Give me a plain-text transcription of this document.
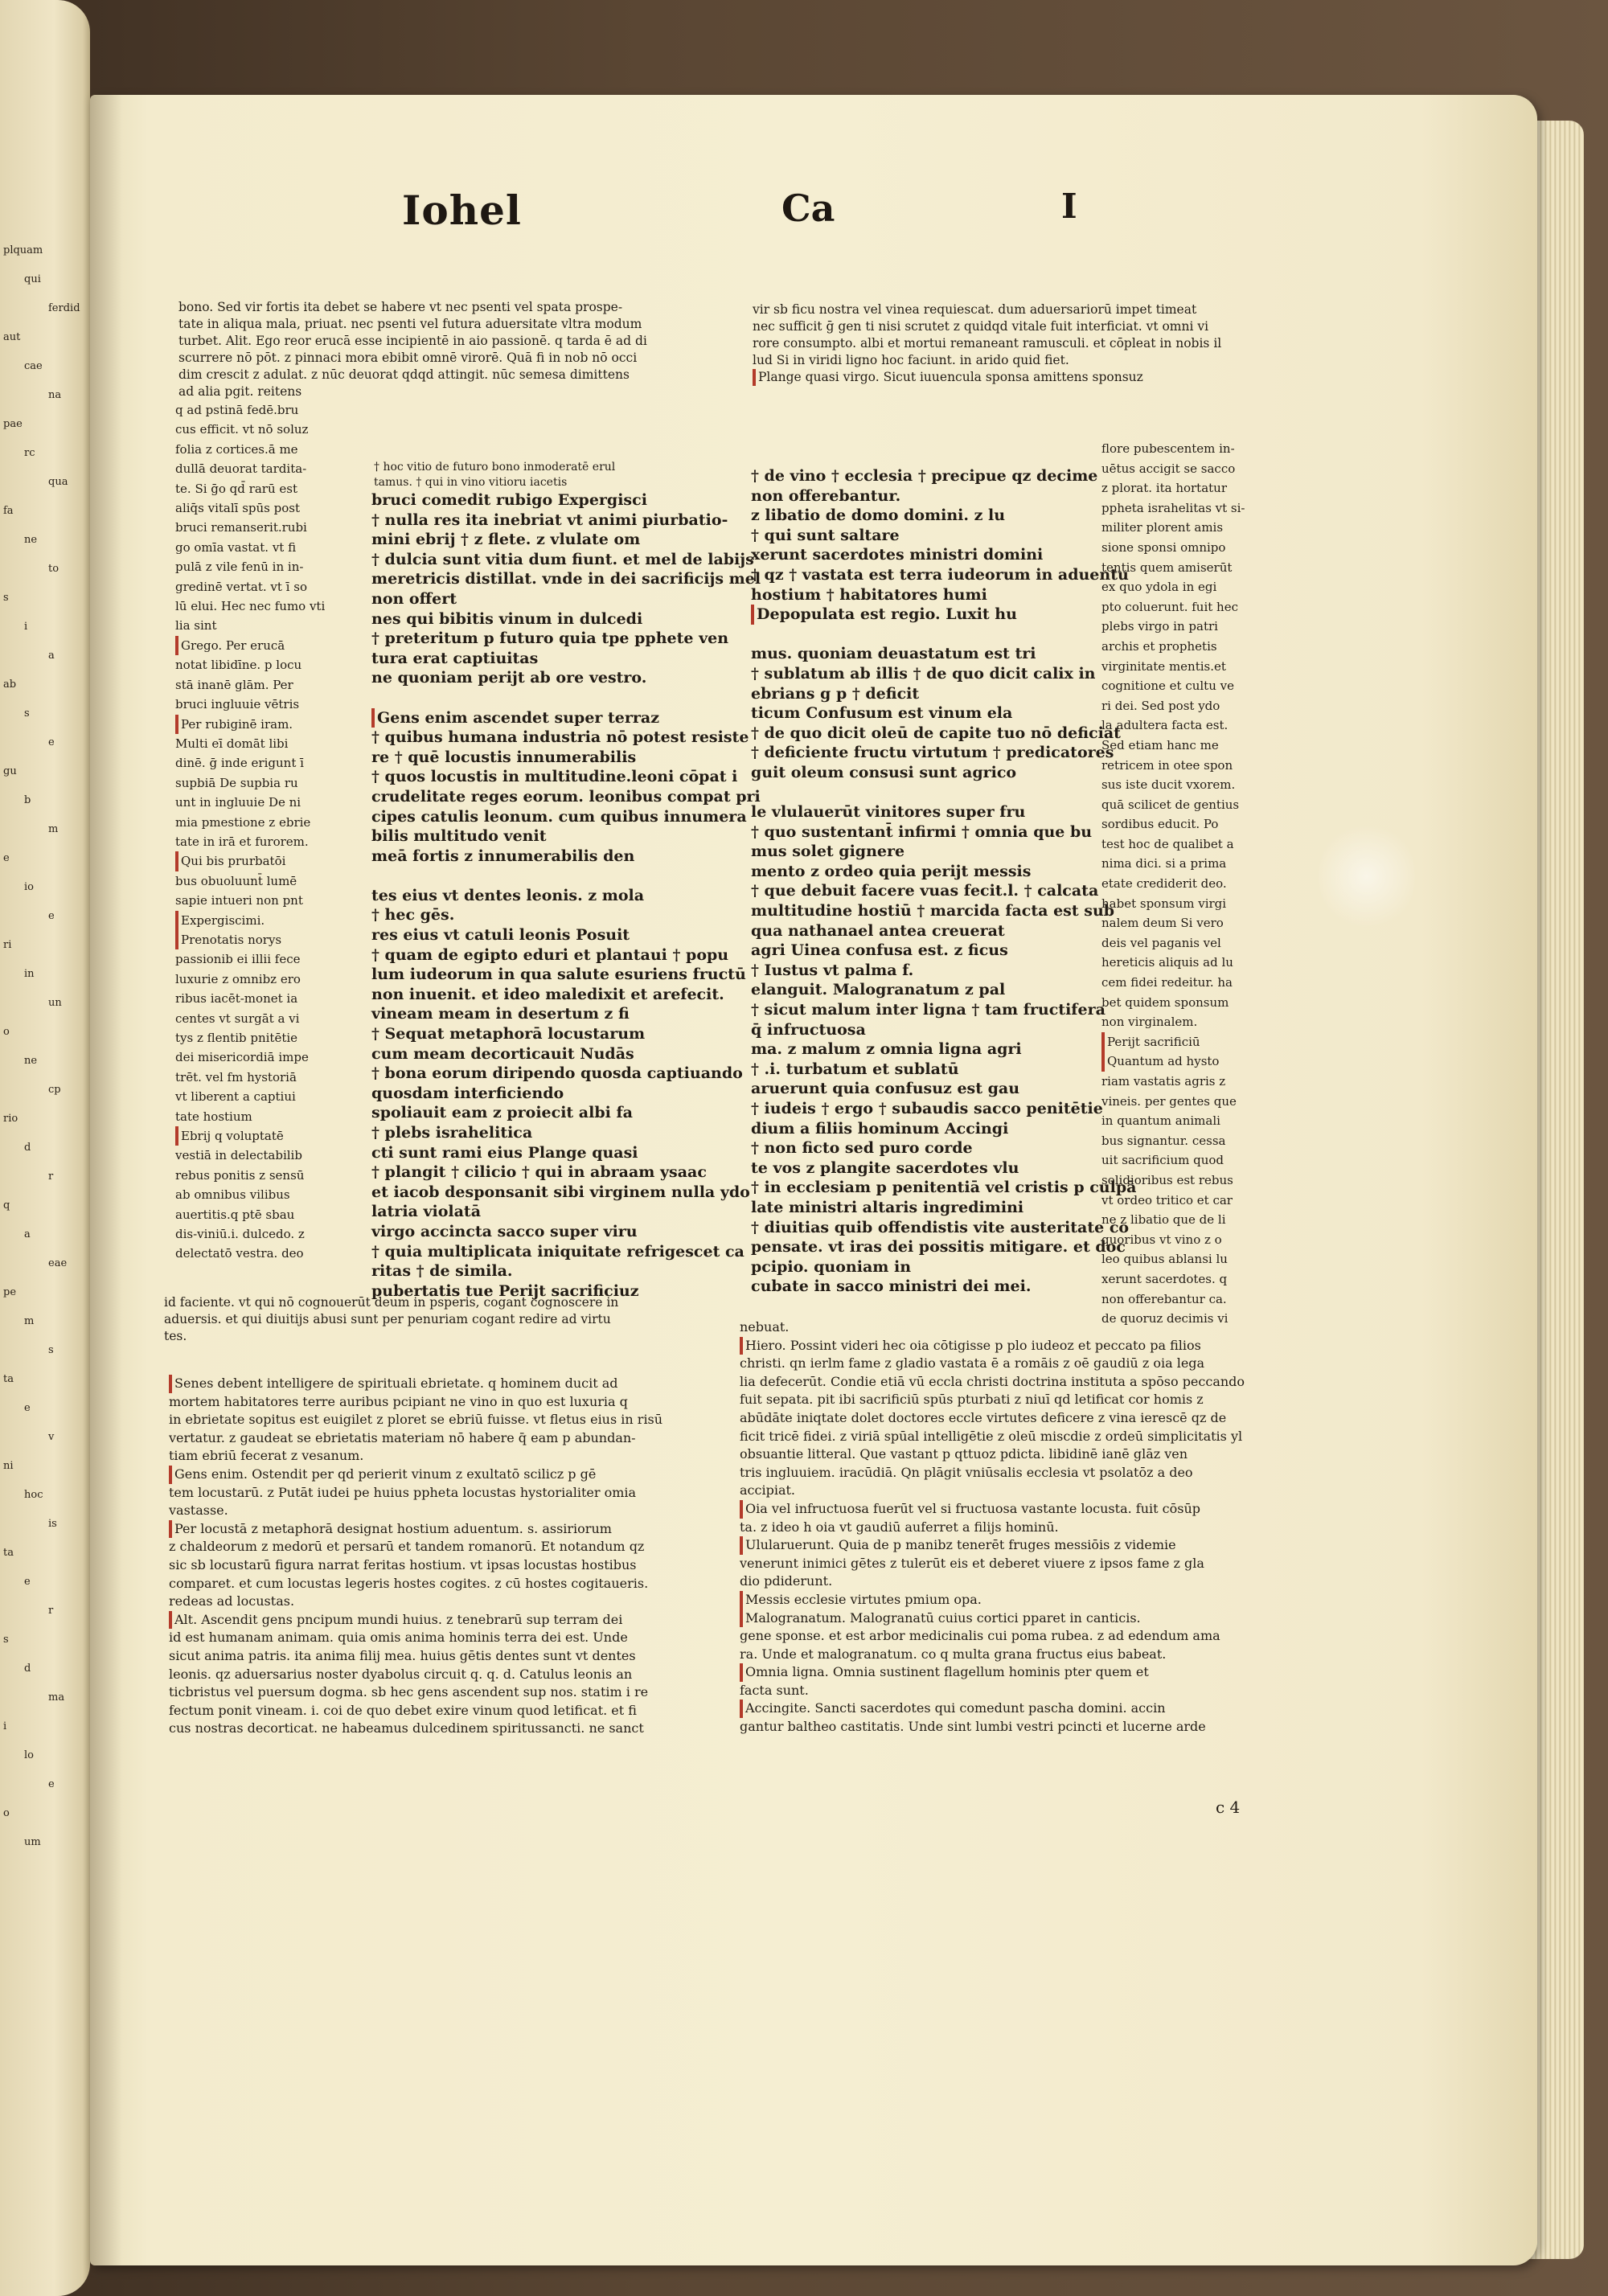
plquam
qui
ferdid
aut
cae
na
pae
rc
qua
fa
ne
to
s
i
a
ab
s
e
gu
b
m
e
io
e
ri
in
un
o
ne
cp
rio
d
r
q
a
eae
pe
m
s
ta
e
v
ni
hoc
is
ta
e
r
s
d
ma
i
lo
e
o
um
Iohel	Ca	I
bono. Sed vir fortis ita debet se habere vt nec psenti vel spata prospe-
tate in aliqua mala, priuat. nec psenti vel futura aduersitate vltra modum
turbet. Alit. Ego reor erucā esse incipientē in aio passionē. q tarda ē ad di
scurrere nō pōt. z pinnaci mora ebibit omnē virorē. Quā fi in nob nō occi
dim crescit z adulat. z nūc deuorat qdqd attingit. nūc semesa dimittens
ad alia pgit. reitens
q ad pstinā fedē.bru
cus efficit. vt nō soluz
folia z cortices.ā me
dullā deuorat tardita-
te. Si ḡo qd̄ rarū est
aliq̄s vitalī spūs post
bruci remanserit.rubi
go omīa vastat. vt fi
pulā z vile fenū in in-
gredinē vertat. vt ī so
lū elui. Hec nec fumo vti
lia sint
Grego. Per erucā
notat libidīne. p locu
stā inanē glām. Per
bruci ingluuie vētris
Per rubiginē iram.
Multi eī domāt libi
dinē. ḡ inde erigunt ī
supbiā De supbia ru
unt in ingluuie De ni
mia pmestione z ebrie
tate in irā et furorem.
Qui bis prurbatōi
bus obuoluunt̄ lumē
sapie intueri non pnt
Expergiscimi.
Prenotatis norys
passionib ei illii fece
luxurie z omnibz ero
ribus iacēt-monet ia
centes vt surgāt a vi
tys z flentib pnitētie
dei misericordiā impe
trēt. vel fm hystoriā
vt liberent a captiui
tate hostium
Ebrij q voluptatē
vestiā in delectabilib
rebus ponitis z sensū
ab omnibus vilibus
auertitis.q ptē sbau
dis-viniū.i. dulcedo. z
delectatō vestra. deo
id faciente. vt qui nō cognouerūt deum in psperis, cogant cognoscere in
aduersis. et qui diuitijs abusi sunt per penuriam cogant redire ad virtu
tes.
† hoc vitio de futuro bono inmoderatē erul
tamus. † qui in vino vitioru iacetis
bruci comedit rubigo Expergisci
† nulla res ita inebriat vt animi piurbatio-
mini ebrij † z flete. z vlulate om
† dulcia sunt vitia dum fiunt. et mel de labijs
meretricis distillat. vnde in dei sacrificijs mel
non offert
nes qui bibitis vinum in dulcedi
† preteritum p futuro quia tpe pphete ven
tura erat captiuitas
ne quoniam perijt ab ore vestro.

Gens enim ascendet super terraz
† quibus humana industria nō potest resiste
re † quē locustis innumerabilis
† quos locustis in multitudine.leoni cōpat i
crudelitate reges eorum. leonibus compat pri
cipes catulis leonum. cum quibus innumera
bilis multitudo venit
meā fortis z innumerabilis den

tes eius vt dentes leonis. z mola
† hec gēs.
res eius vt catuli leonis Posuit
† quam de egipto eduri et plantaui † popu
lum iudeorum in qua salute esuriens fructū
non inuenit. et ideo maledixit et arefecit.
vineam meam in desertum z fi
† Sequat metaphorā locustarum
cum meam decorticauit Nudās
† bona eorum diripendo quosda captiuando
quosdam interficiendo
spoliauit eam z proiecit albi fa
† plebs israhelitica
cti sunt rami eius Plange quasi
† plangit † cilicio † qui in abraam ysaac
et iacob desponsanit sibi virginem nulla ydo
latria violatā
virgo accincta sacco super viru
† quia multiplicata iniquitate refrigescet ca
ritas † de simila.
pubertatis tue Perijt sacrificiuz
vir sb ficu nostra vel vinea requiescat. dum aduersariorū impet timeat
nec sufficit ḡ gen ti nisi scrutet z quidqd vitale fuit interficiat. vt omni vi
rore consumpto. albi et mortui remaneant ramusculi. et cōpleat in nobis il
lud Si in viridi ligno hoc faciunt. in arido quid fiet.
Plange quasi virgo. Sicut iuuencula sponsa amittens sponsuz
† de vino † ecclesia † precipue qz decime
non offerebantur.
z libatio de domo domini. z lu
† qui sunt saltare
xerunt sacerdotes ministri domini
† qz † vastata est terra iudeorum in aduentu
hostium † habitatores humi
Depopulata est regio. Luxit hu

mus. quoniam deuastatum est tri
† sublatum ab illis † de quo dicit calix in
ebrians g p † deficit
ticum Confusum est vinum ela
† de quo dicit oleū de capite tuo nō deficiat
† deficiente fructu virtutum † predicatores
guit oleum consusi sunt agrico

le vlulauerūt vinitores super fru
† quo sustentant̄ infirmi † omnia que bu
mus solet gignere
mento z ordeo quia perijt messis
† que debuit facere vuas fecit.l. † calcata
multitudine hostiū † marcida facta est sub
qua nathanael antea creuerat
agri Uinea confusa est. z ficus
† Iustus vt palma f.
elanguit. Malogranatum z pal
† sicut malum inter ligna † tam fructifera
q̄ infructuosa
ma. z malum z omnia ligna agri
† .i. turbatum et sublatū
aruerunt quia confusuz est gau
† iudeis † ergo † subaudis sacco penitētie
dium a filiis hominum Accingi
† non ficto sed puro corde
te vos z plangite sacerdotes vlu
† in ecclesiam p penitentiā vel cristis p culpā
late ministri altaris ingredimini
† diuitias quib offendistis vite austeritate co
pensate. vt iras dei possitis mitigare. et doc
pcipio. quoniam in
cubate in sacco ministri dei mei.
flore pubescentem in-
uētus accigit se sacco
z plorat. ita hortatur
ppheta israhelitas vt si-
militer plorent amis
sione sponsi omnipo
tentis quem amiserūt
ex quo ydola in egi
pto coluerunt. fuit hec
plebs virgo in patri
archis et prophetis
virginitate mentis.et
cognitione et cultu ve
ri dei. Sed post ydo
la adultera facta est.
Sed etiam hanc me
retricem in otee spon
sus iste ducit vxorem.
quā scilicet de gentius
sordibus educit. Po
test hoc de qualibet a
nima dici. si a prima
etate crediderit deo.
habet sponsum virgi
nalem deum Si vero
deis vel paganis vel
hereticis aliquis ad lu
cem fidei redeitur. ha
bet quidem sponsum
non virginalem.
Perijt sacrificiū
Quantum ad hysto
riam vastatis agris z
vineis. per gentes que
in quantum animali
bus signantur. cessa
uit sacrificium quod
solidioribus est rebus
vt ordeo tritico et car
ne z libatio que de li
quoribus vt vino z o
leo quibus ablansi lu
xerunt sacerdotes. q
non offerebantur ca.
de quoruz decimis vi
Senes debent intelligere de spirituali ebrietate. q hominem ducit ad
mortem habitatores terre auribus pcipiant ne vino in quo est luxuria q
in ebrietate sopitus est euigilet z ploret se ebriū fuisse. vt fletus eius in risū
vertatur. z gaudeat se ebrietatis materiam nō habere q̄ eam p abundan-
tiam ebriū fecerat z vesanum.
Gens enim. Ostendit per qd perierit vinum z exultatō scilicz p gē
tem locustarū. z Putāt iudei pe huius ppheta locustas hystorialiter omia
vastasse.
Per locustā z metaphorā designat hostium aduentum. s. assiriorum
z chaldeorum z medorū et persarū et tandem romanorū. Et notandum qz
sic sb locustarū figura narrat feritas hostium. vt ipsas locustas hostibus
comparet. et cum locustas legeris hostes cogites. z cū hostes cogitaueris.
redeas ad locustas.
Alt. Ascendit gens pncipum mundi huius. z tenebrarū sup terram dei
id est humanam animam. quia omis anima hominis terra dei est. Unde
sicut anima patris. ita anima filij mea. huius gētis dentes sunt vt dentes
leonis. qz aduersarius noster dyabolus circuit q. q. d. Catulus leonis an
ticbristus vel puersum dogma. sb hec gens ascendent sup nos. statim i re
fectum ponit vineam. i. coi de quo debet exire vinum quod letificat. et fi
cus nostras decorticat. ne habeamus dulcedinem spiritussancti. ne sanct
nebuat.
Hiero. Possint videri hec oia cōtigisse p plo iudeoz et peccato pa filios
christi. qn ierlm fame z gladio vastata ē a romāis z oē gaudiū z oia lega
lia defecerūt. Condie etiā vū eccla christi doctrina instituta a spōso peccando
fuit sepata. pit ibi sacrificiū spūs pturbati z niuī qd letificat cor homis z
abūdāte iniqtate dolet doctores eccle virtutes deficere z vina ierescē qz de
ficit tricē fidei. z viriā spūal intelligētie z oleū miscdie z ordeū simplicitatis yl
obsuantie litteral. Que vastant p qttuoz pdicta. libidinē ianē glāz ven
tris ingluuiem. iracūdiā. Qn plāgit vniūsalis ecclesia vt psolatōz a deo
accipiat.
Oia vel infructuosa fuerūt vel si fructuosa vastante locusta. fuit cōsūp
ta. z ideo h oia vt gaudiū auferret a filijs hominū.
Ulularuerunt. Quia de p manibz tenerēt fruges messiōis z videmie
venerunt inimici gētes z tulerūt eis et deberet viuere z ipsos fame z gla
dio pdiderunt.
Messis ecclesie virtutes pmium opa.
Malogranatum. Malogranatū cuius cortici pparet in canticis.
gene sponse. et est arbor medicinalis cui poma rubea. z ad edendum ama
ra. Unde et malogranatum. co q multa grana fructus eius babeat.
Omnia ligna. Omnia sustinent flagellum hominis pter quem et
facta sunt.
Accingite. Sancti sacerdotes qui comedunt pascha domini. accin
gantur baltheo castitatis. Unde sint lumbi vestri pcincti et lucerne arde
c 4
